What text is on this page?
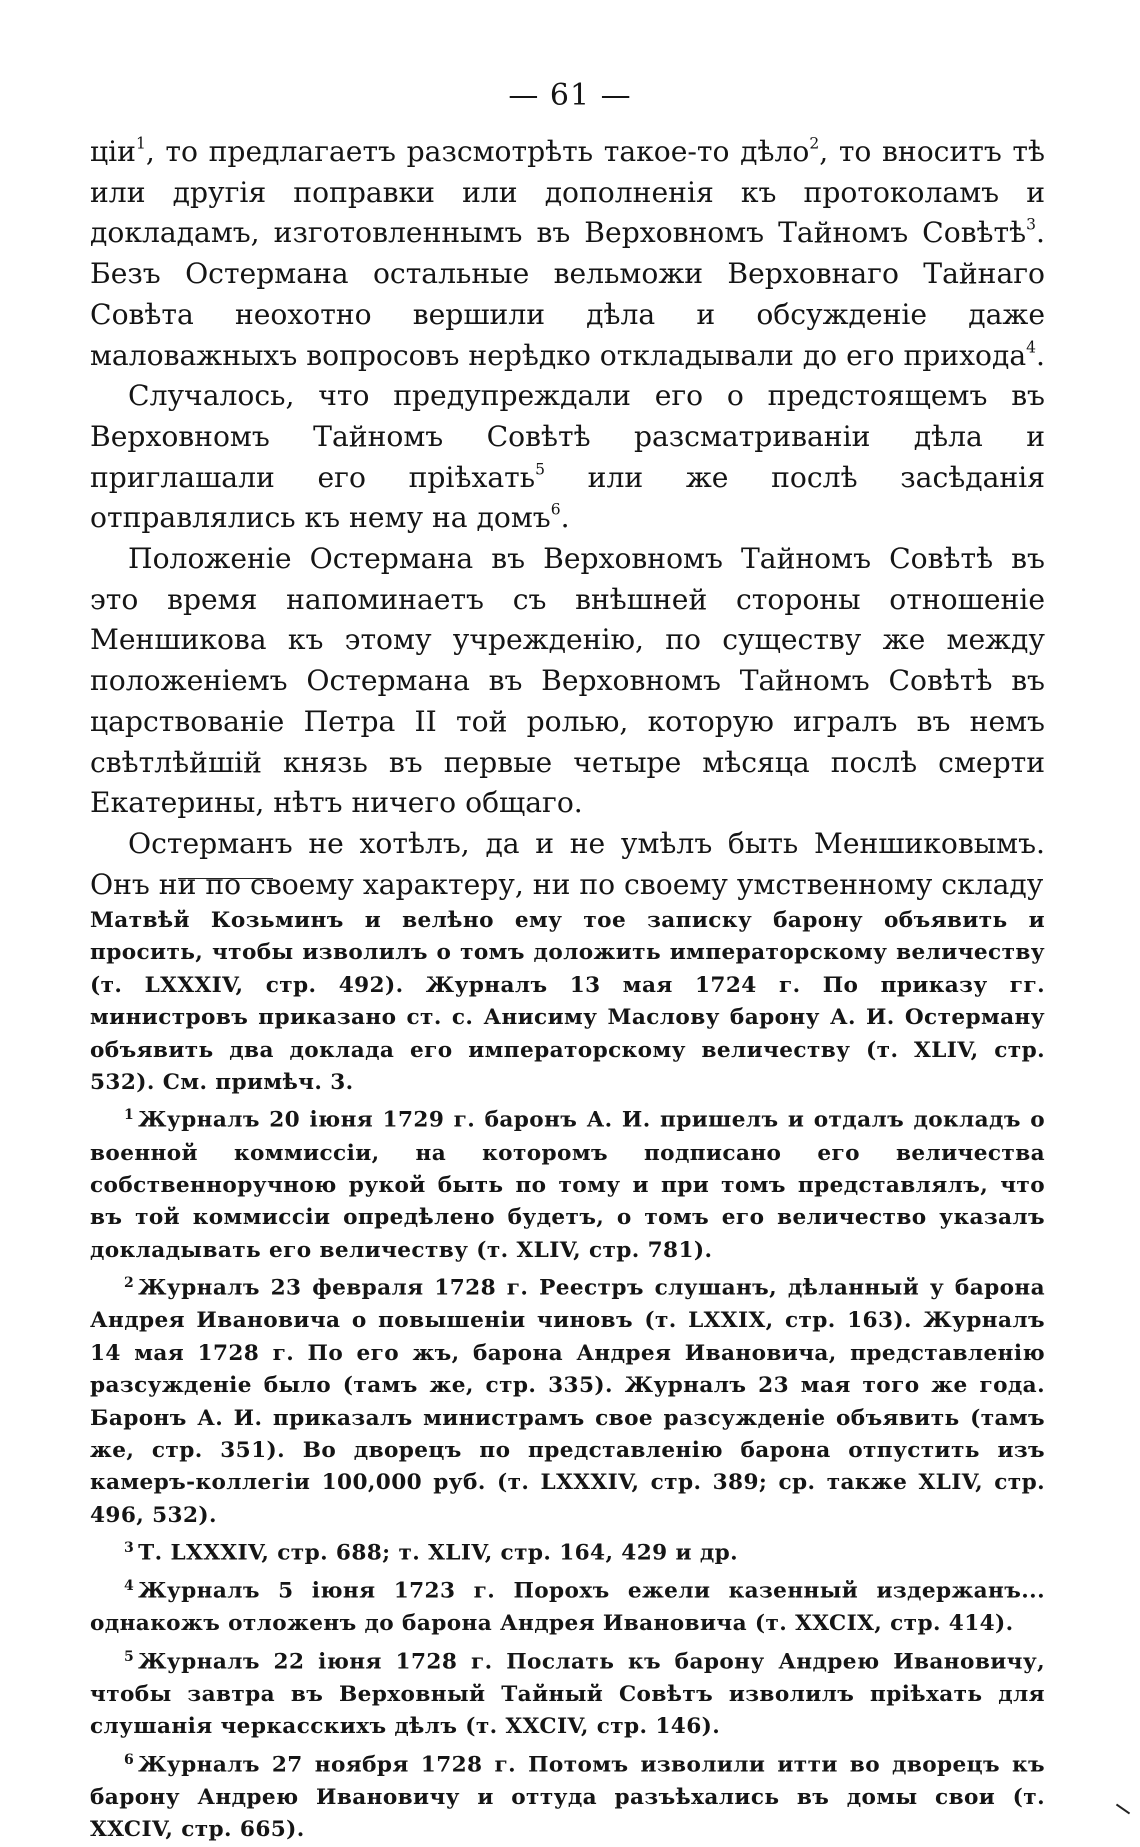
— 61 —

ціи$^1$, то предлагаетъ разсмотрѣть такое-то дѣло$^2$, то вноситъ тѣ или другія поправки или дополненія къ протоколамъ и докладамъ, изготовленнымъ въ Верховномъ Тайномъ Совѣтѣ$^3$. Безъ Остермана остальные вельможи Верховнаго Тайнаго Совѣта неохотно вершили дѣла и обсужденіе даже маловажныхъ вопросовъ нерѣдко откладывали до его прихода$^4$.

Случалось, что предупреждали его о предстоящемъ въ Верховномъ Тайномъ Совѣтѣ разсматриваніи дѣла и приглашали его пріѣхать$^5$ или же послѣ засѣданія отправлялись къ нему на домъ$^6$.

Положеніе Остермана въ Верховномъ Тайномъ Совѣтѣ въ это время напоминаетъ съ внѣшней стороны отношеніе Меншикова къ этому учрежденію, по существу же между положеніемъ Остермана въ Верховномъ Тайномъ Совѣтѣ въ царствованіе Петра II той ролью, которую игралъ въ немъ свѣтлѣйшій князь въ первые четыре мѣсяца послѣ смерти Екатерины, нѣтъ ничего общаго.

Остерманъ не хотѣлъ, да и не умѣлъ быть Меншиковымъ. Онъ ни по своему характеру, ни по своему умственному складу

Матвѣй Козьминъ и велѣно ему тое записку барону объявить и просить, чтобы изволилъ о томъ доложить императорскому величеству (т. LXXXIV, стр. 492). Журналъ 13 мая 1724 г. По приказу гг. министровъ приказано ст. с. Анисиму Маслову барону А. И. Остерману объявить два доклада его императорскому величеству (т. XLIV, стр. 532). См. примѣч. 3.

$^1$ Журналъ 20 іюня 1729 г. баронъ А. И. пришелъ и отдалъ докладъ о военной коммиссіи, на которомъ подписано его величества собственноручною рукой быть по тому и при томъ представлялъ, что въ той коммиссіи опредѣлено будетъ, о томъ его величество указалъ докладывать его величеству (т. XLIV, стр. 781).

$^2$ Журналъ 23 февраля 1728 г. Реестръ слушанъ, дѣланный у барона Андрея Ивановича о повышеніи чиновъ (т. LXXIX, стр. 163). Журналъ 14 мая 1728 г. По его жъ, барона Андрея Ивановича, представленію разсужденіе было (тамъ же, стр. 335). Журналъ 23 мая того же года. Баронъ А. И. приказалъ министрамъ свое разсужденіе объявить (тамъ же, стр. 351). Во дворецъ по представленію барона отпустить изъ камеръ-коллегіи 100,000 руб. (т. LXXXIV, стр. 389; ср. также XLIV, стр. 496, 532).

$^3$ Т. LXXXIV, стр. 688; т. XLIV, стр. 164, 429 и др.

$^4$ Журналъ 5 іюня 1723 г. Порохъ ежели казенный издержанъ... однакожъ отложенъ до барона Андрея Ивановича (т. XXCIX, стр. 414).

$^5$ Журналъ 22 іюня 1728 г. Послать къ барону Андрею Ивановичу, чтобы завтра въ Верховный Тайный Совѣтъ изволилъ пріѣхать для слушанія черкасскихъ дѣлъ (т. XXCIV, стр. 146).

$^6$ Журналъ 27 ноября 1728 г. Потомъ изволили итти во дворецъ къ барону Андрею Ивановичу и оттуда разъѣхались въ домы свои (т. XXCIV, стр. 665).
